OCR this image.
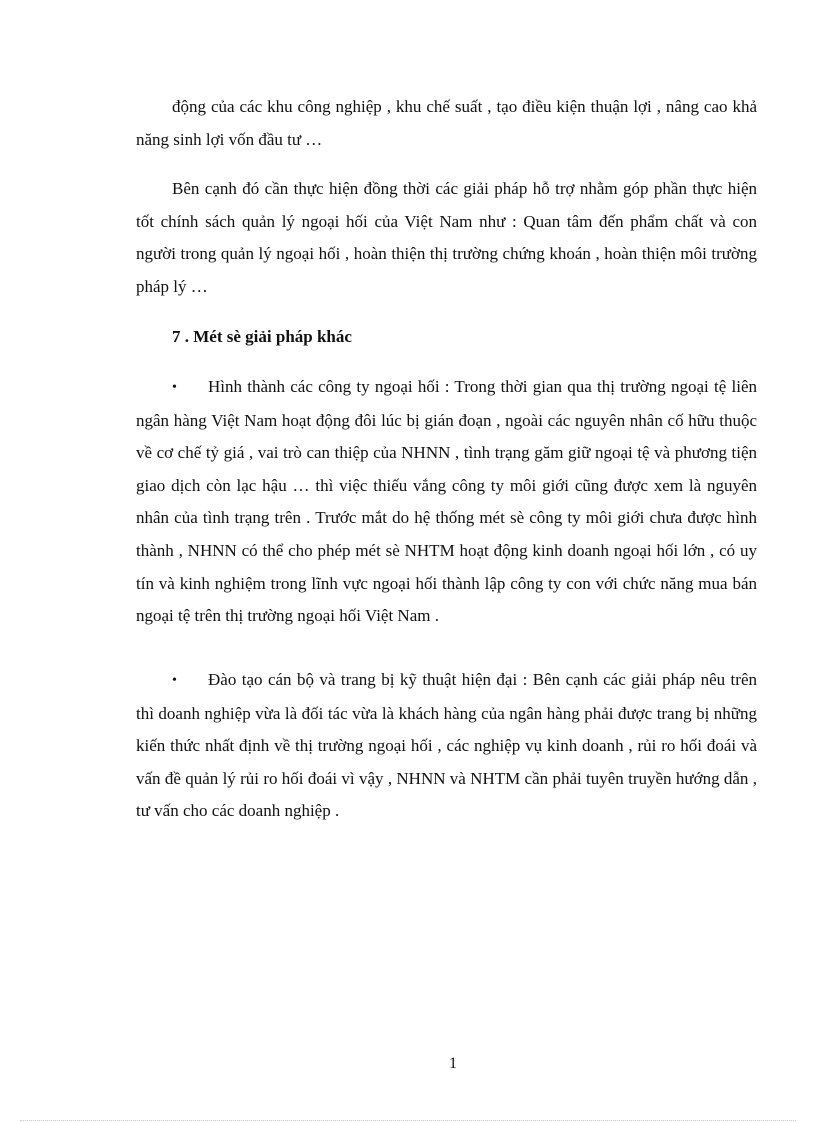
động của các khu công nghiệp , khu chế suất , tạo điều kiện thuận lợi , nâng cao khả năng sinh lợi vốn đầu tư …

Bên cạnh đó cần thực hiện đồng thời các giải pháp hỗ trợ nhằm góp phần thực hiện tốt chính sách quản lý ngoại hối của Việt Nam như : Quan tâm đến phẩm chất và con người trong quản lý ngoại hối , hoàn thiện thị trường chứng khoán , hoàn thiện môi trường pháp lý …

7 . Mét sè giải pháp khác

• Hình thành các công ty ngoại hối : Trong thời gian qua thị trường ngoại tệ liên ngân hàng Việt Nam hoạt động đôi lúc bị gián đoạn , ngoài các nguyên nhân cố hữu thuộc về cơ chế tỷ giá , vai trò can thiệp của NHNN , tình trạng găm giữ ngoại tệ và phương tiện giao dịch còn lạc hậu … thì việc thiếu vắng công ty môi giới cũng được xem là nguyên nhân của tình trạng trên . Trước mắt do hệ thống mét sè công ty môi giới chưa được hình thành , NHNN có thể cho phép mét sè NHTM hoạt động kinh doanh ngoại hối lớn , có uy tín và kinh nghiệm trong lĩnh vực ngoại hối thành lập công ty con với chức năng mua bán ngoại tệ trên thị trường ngoại hối Việt Nam .

• Đào tạo cán bộ và trang bị kỹ thuật hiện đại : Bên cạnh các giải pháp nêu trên thì doanh nghiệp vừa là đối tác vừa là khách hàng của ngân hàng phải được trang bị những kiến thức nhất định về thị trường ngoại hối , các nghiệp vụ kinh doanh , rủi ro hối đoái và vấn đề quản lý rủi ro hối đoái vì vậy , NHNN và NHTM cần phải tuyên truyền hướng dẫn , tư vấn cho các doanh nghiệp .

1
